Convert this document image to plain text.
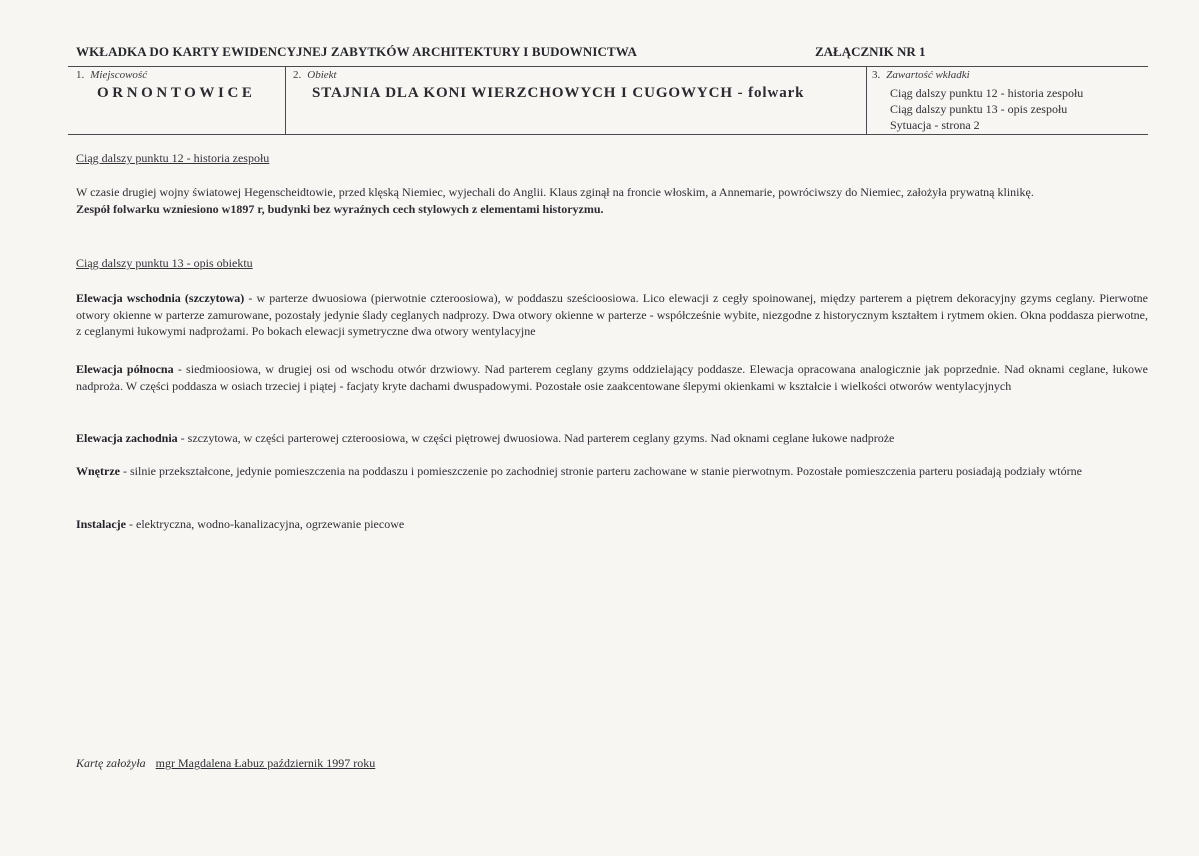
WKŁADKA DO KARTY EWIDENCYJNEJ ZABYTKÓW ARCHITEKTURY I BUDOWNICTWA	ZAŁĄCZNIK NR 1
1. Miejscowość
ORNONTOWICE
2. Obiekt
STAJNIA DLA KONI WIERZCHOWYCH I CUGOWYCH - folwark
3. Zawartość wkładki
Ciąg dalszy punktu 12 - historia zespołu
Ciąg dalszy punktu 13 - opis zespołu
Sytuacja - strona 2
Ciąg dalszy punktu 12 - historia zespołu
W czasie drugiej wojny światowej Hegenscheidtowie, przed klęską Niemiec, wyjechali do Anglii. Klaus zginął na froncie włoskim, a Annemarie, powróciwszy do Niemiec, założyła prywatną klinikę.
Zespół folwarku wzniesiono w1897 r, budynki bez wyraźnych cech stylowych z elementami historyzmu.
Ciąg dalszy punktu 13 - opis obiektu
Elewacja wschodnia (szczytowa) - w parterze dwuosiowa (pierwotnie czteroosiowa), w poddaszu sześcioosiowa. Lico elewacji z cegły spoinowanej, między parterem a piętrem dekoracyjny gzyms ceglany. Pierwotne otwory okienne w parterze zamurowane, pozostały jedynie ślady ceglanych nadprozy. Dwa otwory okienne w parterze - współcześnie wybite, niezgodne z historycznym kształtem i rytmem okien. Okna poddasza pierwotne, z ceglanymi łukowymi nadprożami. Po bokach elewacji symetryczne dwa otwory wentylacyjne
Elewacja północna - siedmioosiowa, w drugiej osi od wschodu otwór drzwiowy. Nad parterem ceglany gzyms oddzielający poddasze. Elewacja opracowana analogicznie jak poprzednie. Nad oknami ceglane, łukowe nadproża. W części poddasza w osiach trzeciej i piątej - facjaty kryte dachami dwuspadowymi. Pozostałe osie zaakcentowane ślepymi okienkami w kształcie i wielkości otworów wentylacyjnych
Elewacja zachodnia - szczytowa, w części parterowej czteroosiowa, w części piętrowej dwuosiowa. Nad parterem ceglany gzyms. Nad oknami ceglane łukowe nadproże
Wnętrze - silnie przekształcone, jedynie pomieszczenia na poddaszu i pomieszczenie po zachodniej stronie parteru zachowane w stanie pierwotnym. Pozostałe pomieszczenia parteru posiadają podziały wtórne
Instalacje - elektryczna, wodno-kanalizacyjna, ogrzewanie piecowe
Kartę założyła mgr Magdalena Łabuz październik 1997 roku
